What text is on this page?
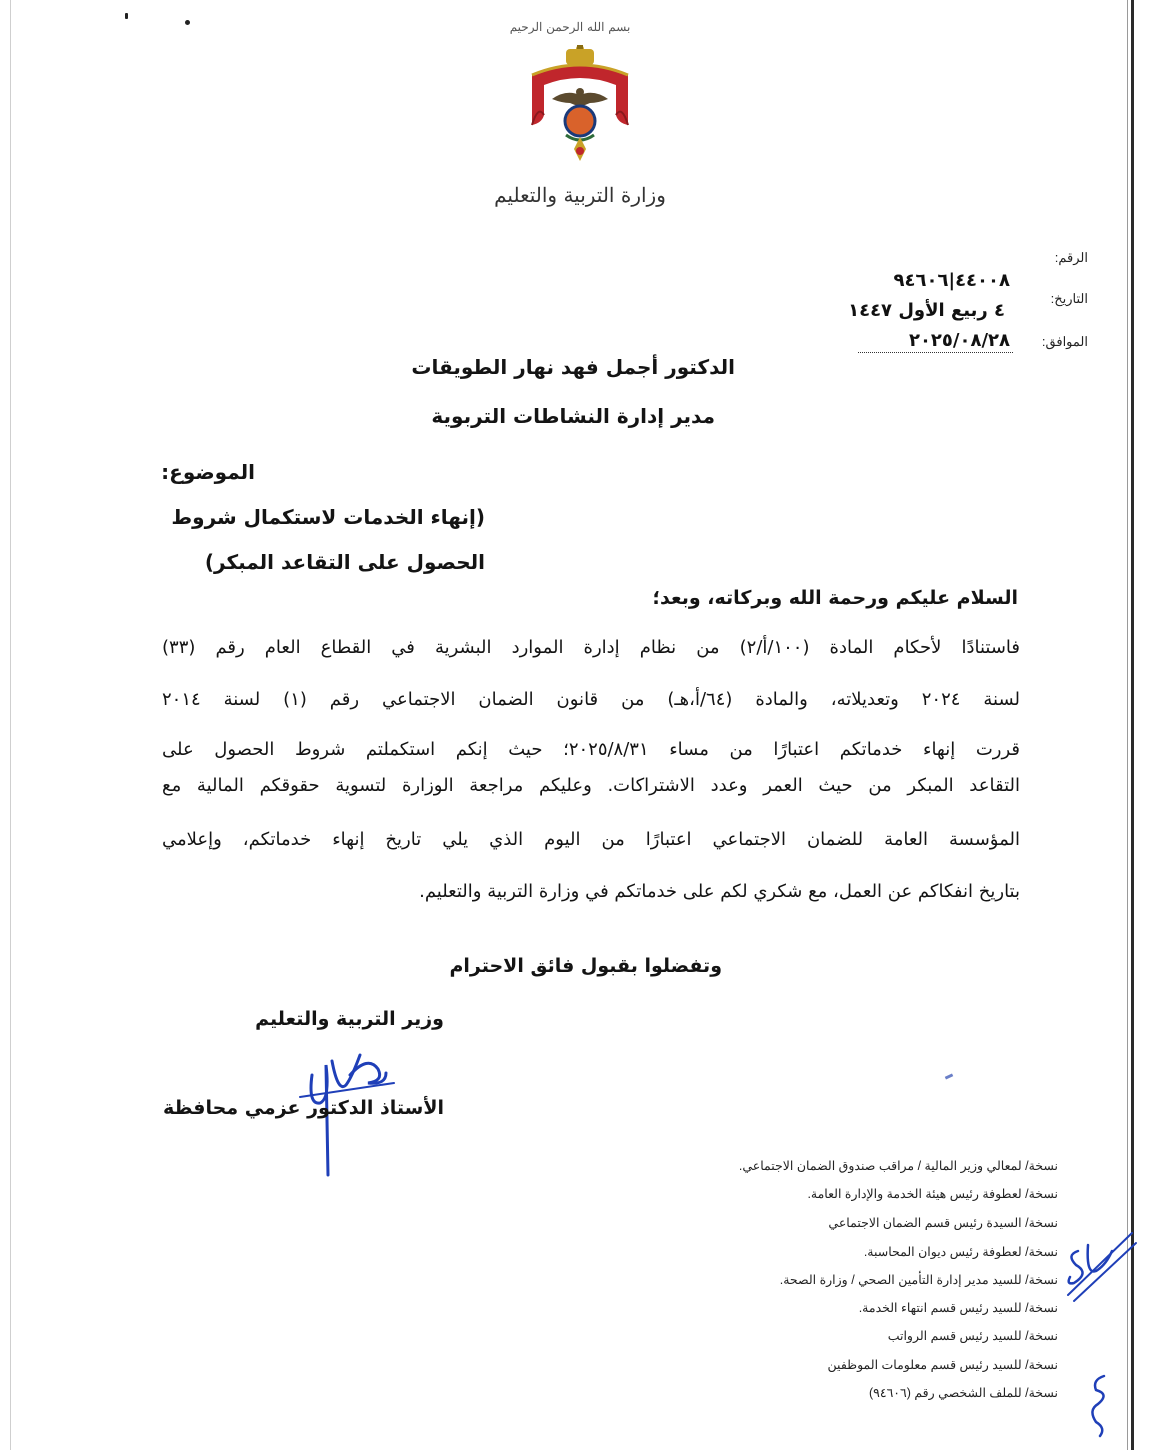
بسم الله الرحمن الرحيم
وزارة التربية والتعليم
الرقم:
٤٤٠٠٨|٩٤٦٠٦
التاريخ:
٤ ربيع الأول ١٤٤٧
الموافق:
٢٠٢٥/٠٨/٢٨
الدكتور أجمل فهد نهار الطويقات
مدير إدارة النشاطات التربوية
الموضوع:
(إنهاء الخدمات لاستكمال شروط
الحصول على التقاعد المبكر)
السلام عليكم ورحمة الله وبركاته، وبعد؛
فاستنادًا لأحكام المادة (١٠٠/أ/٢) من نظام إدارة الموارد البشرية في القطاع العام رقم (٣٣)
لسنة ٢٠٢٤ وتعديلاته، والمادة (٦٤/أ،هـ) من قانون الضمان الاجتماعي رقم (١) لسنة ٢٠١٤
قررت إنهاء خدماتكم اعتبارًا من مساء ٢٠٢٥/٨/٣١؛ حيث إنكم استكملتم شروط الحصول على
التقاعد المبكر من حيث العمر وعدد الاشتراكات. وعليكم مراجعة الوزارة لتسوية حقوقكم المالية مع
المؤسسة العامة للضمان الاجتماعي اعتبارًا من اليوم الذي يلي تاريخ إنهاء خدماتكم، وإعلامي
بتاريخ انفكاكم عن العمل، مع شكري لكم على خدماتكم في وزارة التربية والتعليم.
وتفضلوا بقبول فائق الاحترام
وزير التربية والتعليم
الأستاذ الدكتور عزمي محافظة
نسخة/ لمعالي وزير المالية / مراقب صندوق الضمان الاجتماعي.
نسخة/ لعطوفة رئيس هيئة الخدمة والإدارة العامة.
نسخة/ السيدة رئيس قسم الضمان الاجتماعي
نسخة/ لعطوفة رئيس ديوان المحاسبة.
نسخة/ للسيد مدير إدارة التأمين الصحي / وزارة الصحة.
نسخة/ للسيد رئيس قسم انتهاء الخدمة.
نسخة/ للسيد رئيس قسم الرواتب
نسخة/ للسيد رئيس قسم معلومات الموظفين
نسخة/ للملف الشخصي رقم (٩٤٦٠٦)
